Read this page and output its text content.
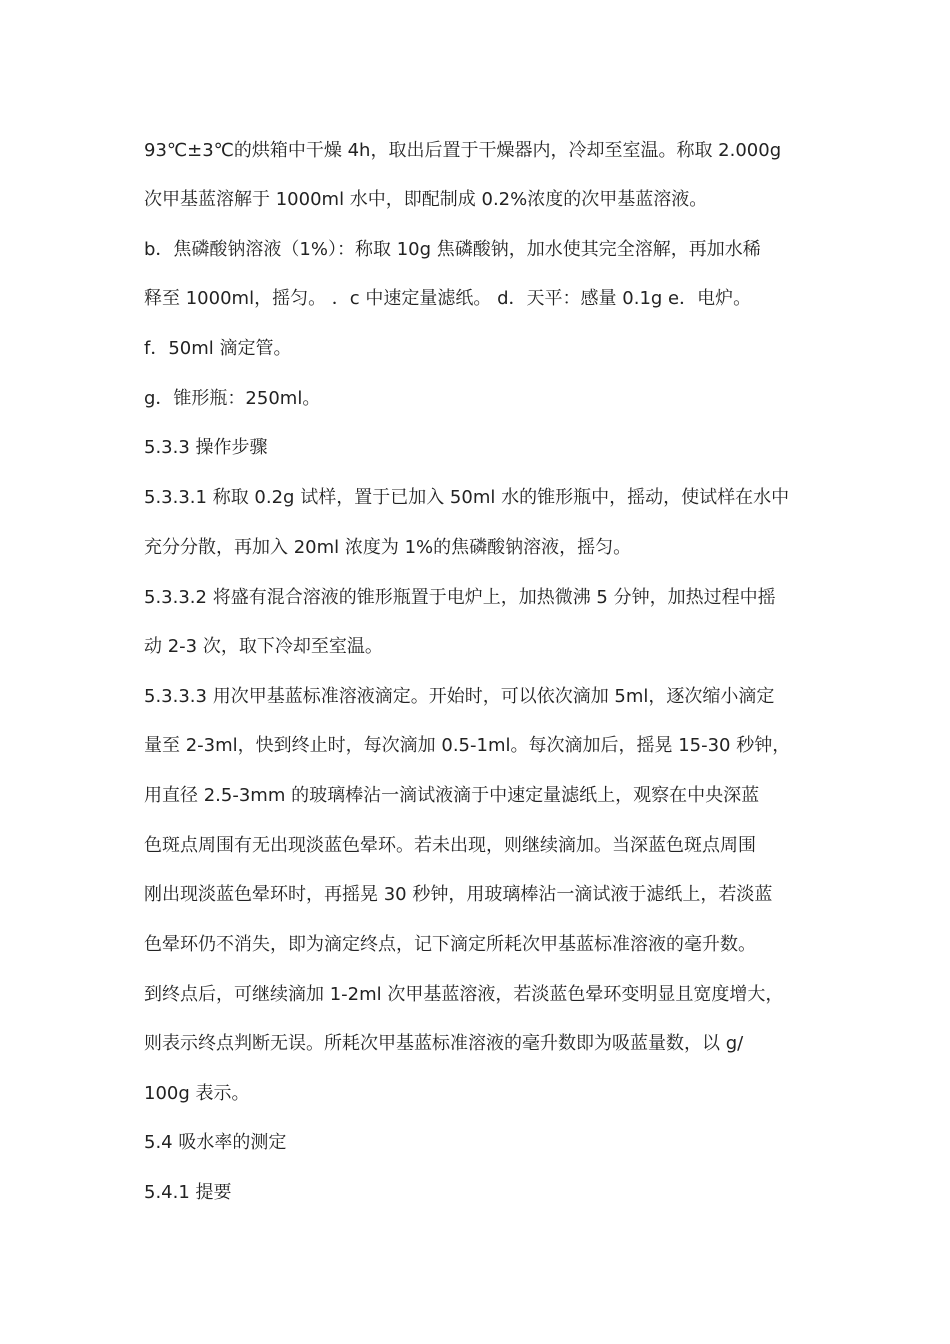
93℃±3℃的烘箱中干燥 4h，取出后置于干燥器内，冷却至室温。称取 2.000g
次甲基蓝溶解于 1000ml 水中，即配制成 0.2%浓度的次甲基蓝溶液。
b．焦磷酸钠溶液（1%）：称取 10g 焦磷酸钠，加水使其完全溶解，再加水稀
释至 1000ml，摇匀。 ．c 中速定量滤纸。 d．天平：感量 0.1g e．电炉。
f．50ml 滴定管。
g．锥形瓶：250ml。
5.3.3 操作步骤
5.3.3.1 称取 0.2g 试样，置于已加入 50ml 水的锥形瓶中，摇动，使试样在水中
充分分散，再加入 20ml 浓度为 1%的焦磷酸钠溶液，摇匀。
5.3.3.2 将盛有混合溶液的锥形瓶置于电炉上，加热微沸 5 分钟，加热过程中摇
动 2-3 次，取下冷却至室温。
5.3.3.3 用次甲基蓝标准溶液滴定。开始时，可以依次滴加 5ml，逐次缩小滴定
量至 2-3ml，快到终止时，每次滴加 0.5-1ml。每次滴加后，摇晃 15-30 秒钟，
用直径 2.5-3mm 的玻璃棒沾一滴试液滴于中速定量滤纸上，观察在中央深蓝
色斑点周围有无出现淡蓝色晕环。若未出现，则继续滴加。当深蓝色斑点周围
刚出现淡蓝色晕环时，再摇晃 30 秒钟，用玻璃棒沾一滴试液于滤纸上，若淡蓝
色晕环仍不消失，即为滴定终点，记下滴定所耗次甲基蓝标准溶液的毫升数。
到终点后，可继续滴加 1-2ml 次甲基蓝溶液，若淡蓝色晕环变明显且宽度增大，
则表示终点判断无误。所耗次甲基蓝标准溶液的毫升数即为吸蓝量数，以 g/
100g 表示。
5.4 吸水率的测定
5.4.1 提要
